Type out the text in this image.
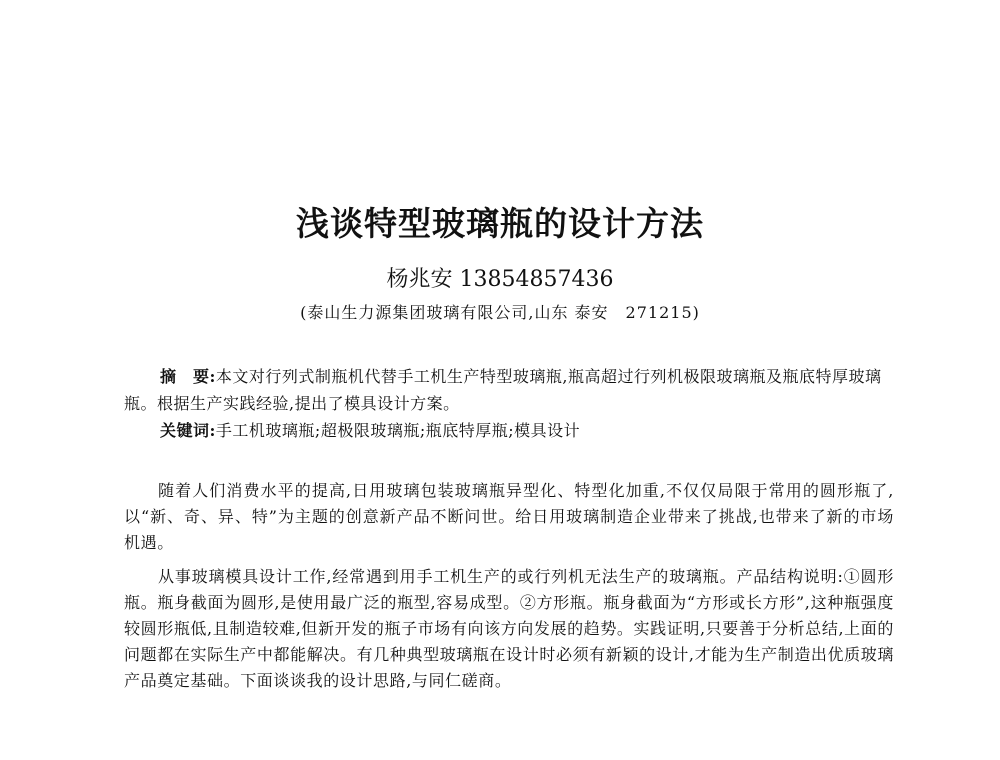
浅谈特型玻璃瓶的设计方法
杨兆安 13854857436
(泰山生力源集团玻璃有限公司,山东 泰安　271215)

摘　要:本文对行列式制瓶机代替手工机生产特型玻璃瓶,瓶高超过行列机极限玻璃瓶及瓶底特厚玻璃瓶。根据生产实践经验,提出了模具设计方案。

关键词:手工机玻璃瓶;超极限玻璃瓶;瓶底特厚瓶;模具设计

随着人们消费水平的提高,日用玻璃包装玻璃瓶异型化、特型化加重,不仅仅局限于常用的圆形瓶了,以“新、奇、异、特”为主题的创意新产品不断问世。给日用玻璃制造企业带来了挑战,也带来了新的市场机遇。

从事玻璃模具设计工作,经常遇到用手工机生产的或行列机无法生产的玻璃瓶。产品结构说明:①圆形瓶。瓶身截面为圆形,是使用最广泛的瓶型,容易成型。②方形瓶。瓶身截面为“方形或长方形”,这种瓶强度较圆形瓶低,且制造较难,但新开发的瓶子市场有向该方向发展的趋势。实践证明,只要善于分析总结,上面的问题都在实际生产中都能解决。有几种典型玻璃瓶在设计时必须有新颖的设计,才能为生产制造出优质玻璃产品奠定基础。下面谈谈我的设计思路,与同仁磋商。
